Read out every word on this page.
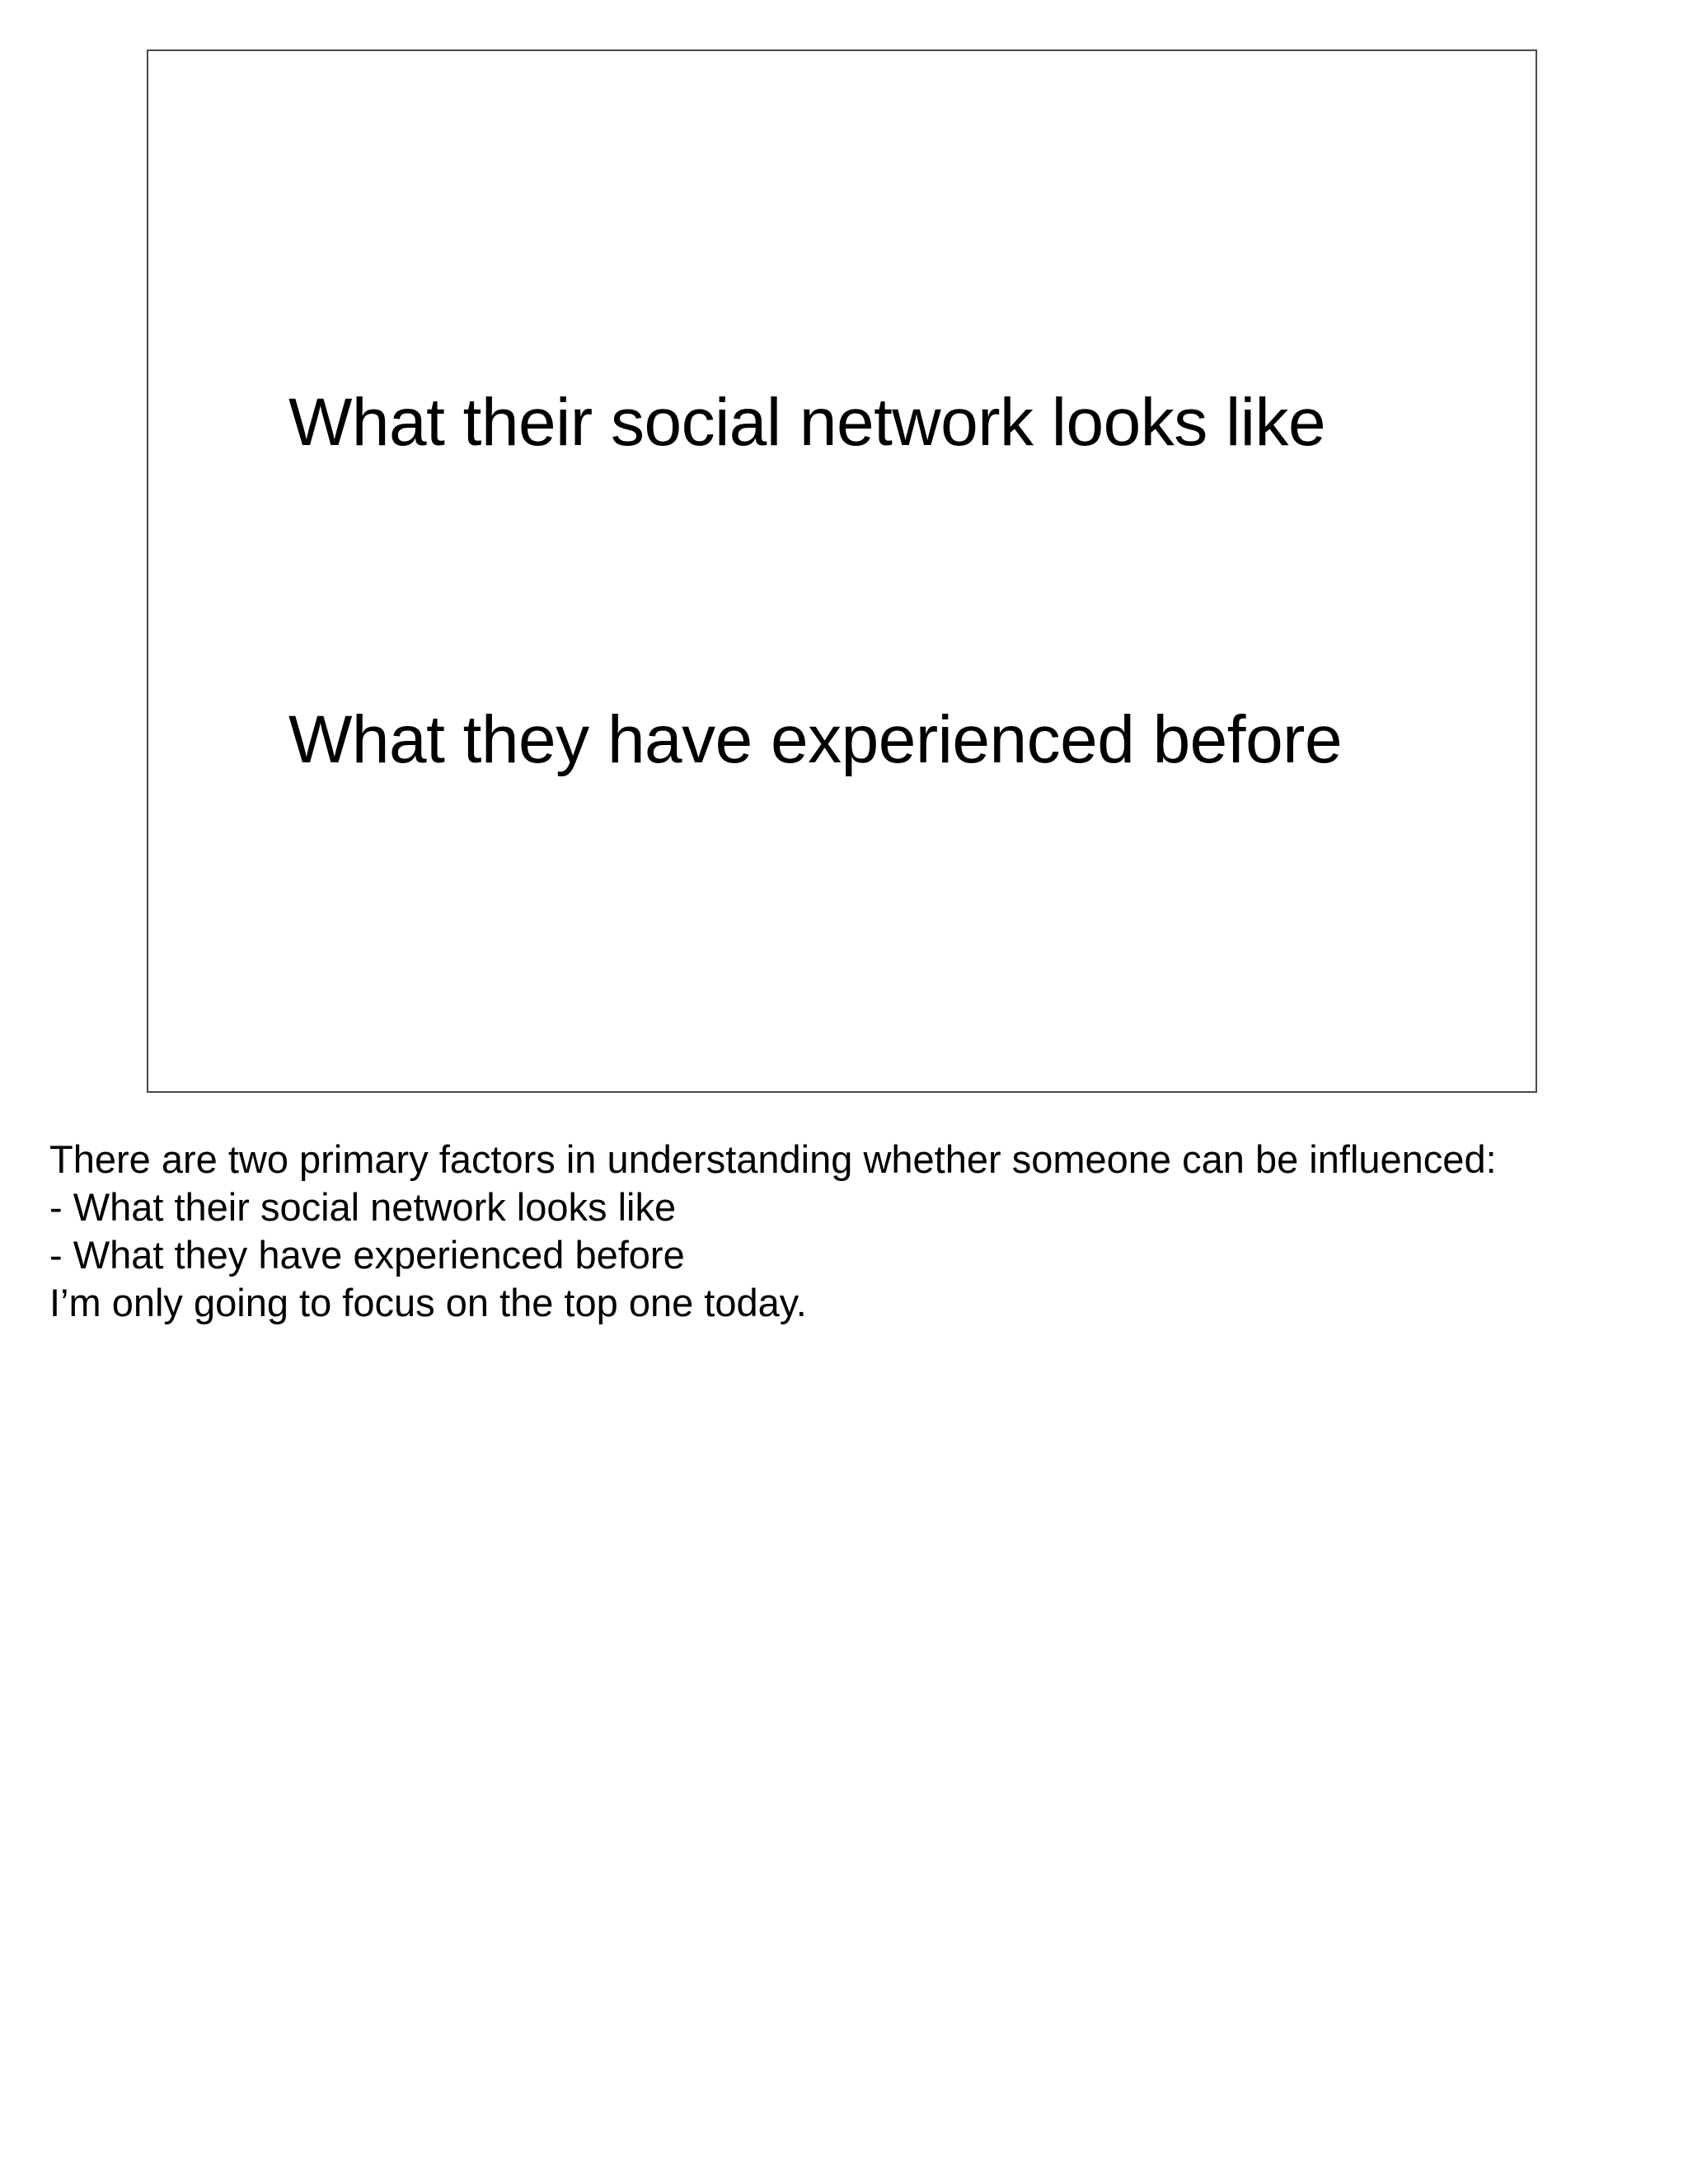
What their social network looks like
What they have experienced before
There are two primary factors in understanding whether someone can be influenced:
- What their social network looks like
- What they have experienced before
I’m only going to focus on the top one today.
